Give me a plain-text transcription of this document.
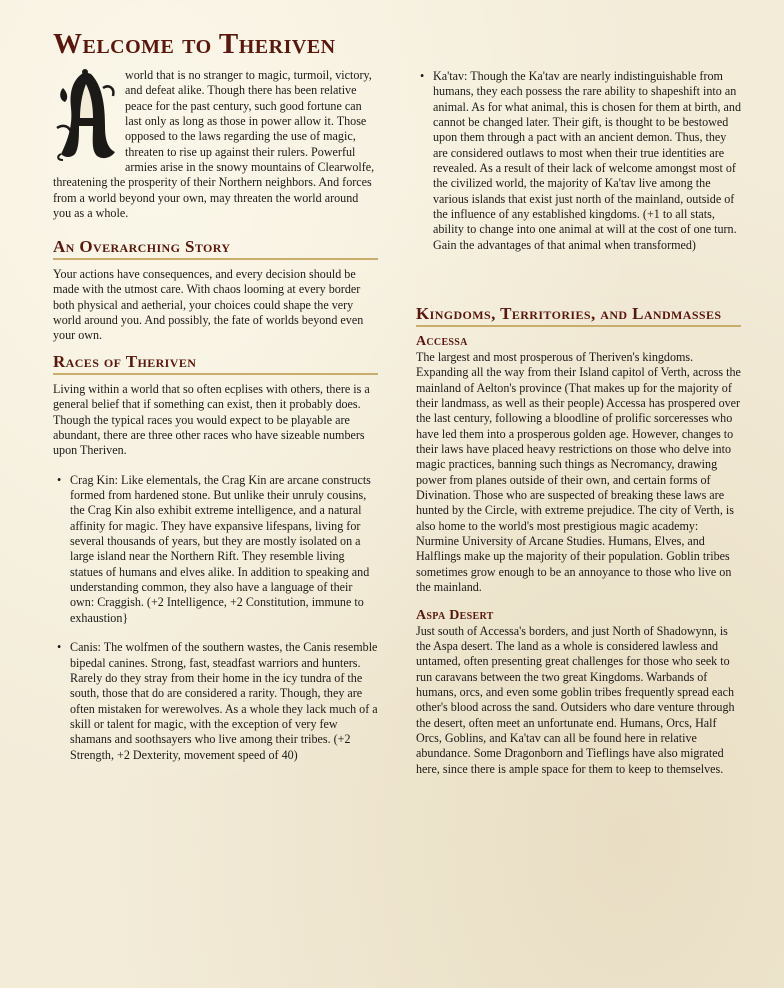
Welcome to Theriven

world that is no stranger to magic, turmoil, victory, and defeat alike. Though there has been relative peace for the past century, such good fortune can last only as long as those in power allow it. Those opposed to the laws regarding the use of magic, threaten to rise up against their rulers. Powerful armies arise in the snowy mountains of Clearwolfe, threatening the prosperity of their Northern neighbors. And forces from a world beyond your own, may threaten the world around you as a whole.

An Overarching Story

Your actions have consequences, and every decision should be made with the utmost care. With chaos looming at every border both physical and aetherial, your choices could shape the very world around you. And possibly, the fate of worlds beyond even your own.

Races of Theriven

Living within a world that so often ecplises with others, there is a general belief that if something can exist, then it probably does. Though the typical races you would expect to be playable are abundant, there are three other races who have sizeable numbers upon Theriven.

• Crag Kin: Like elementals, the Crag Kin are arcane constructs formed from hardened stone. But unlike their unruly cousins, the Crag Kin also exhibit extreme intelligence, and a natural affinity for magic. They have expansive lifespans, living for several thousands of years, but they are mostly isolated on a large island near the Northern Rift. They resemble living statues of humans and elves alike. In addition to speaking and understanding common, they also have a language of their own: Craggish. (+2 Intelligence, +2 Constitution, immune to exhaustion}
• Canis: The wolfmen of the southern wastes, the Canis resemble bipedal canines. Strong, fast, steadfast warriors and hunters. Rarely do they stray from their home in the icy tundra of the south, those that do are considered a rarity. Though, they are often mistaken for werewolves. As a whole they lack much of a skill or talent for magic, with the exception of very few shamans and soothsayers who live among their tribes. (+2 Strength, +2 Dexterity, movement speed of 40)
• Ka'tav: Though the Ka'tav are nearly indistinguishable from humans, they each possess the rare ability to shapeshift into an animal. As for what animal, this is chosen for them at birth, and cannot be changed later. Their gift, is thought to be bestowed upon them through a pact with an ancient demon. Thus, they are considered outlaws to most when their true identities are revealed. As a result of their lack of welcome amongst most of the civilized world, the majority of Ka'tav live among the various islands that exist just north of the mainland, outside of the influence of any established kingdoms. (+1 to all stats, ability to change into one animal at will at the cost of one turn. Gain the advantages of that animal when transformed)
Kingdoms, Territories, and Landmasses
Accessa

The largest and most prosperous of Theriven's kingdoms. Expanding all the way from their Island capitol of Verth, across the mainland of Aelton's province (That makes up for the majority of their landmass, as well as their people) Accessa has prospered over the last century, following a bloodline of prolific sorceresses who have led them into a prosperous golden age. However, changes to their laws have placed heavy restrictions on those who delve into magic practices, banning such things as Necromancy, drawing power from planes outside of their own, and certain forms of Divination. Those who are suspected of breaking these laws are hunted by the Circle, with extreme prejudice. The city of Verth, is also home to the world's most prestigious magic academy: Nurmine University of Arcane Studies. Humans, Elves, and Halflings make up the majority of their population. Goblin tribes sometimes grow enough to be an annoyance to those who live on the mainland.

Aspa Desert

Just south of Accessa's borders, and just North of Shadowynn, is the Aspa desert. The land as a whole is considered lawless and untamed, often presenting great challenges for those who seek to run caravans between the two great Kingdoms. Warbands of humans, orcs, and even some goblin tribes frequently spread each other's blood across the sand. Outsiders who dare venture through the desert, often meet an unfortunate end. Humans, Orcs, Half Orcs, Goblins, and Ka'tav can all be found here in relative abundance. Some Dragonborn and Tieflings have also migrated here, since there is ample space for them to keep to themselves.
